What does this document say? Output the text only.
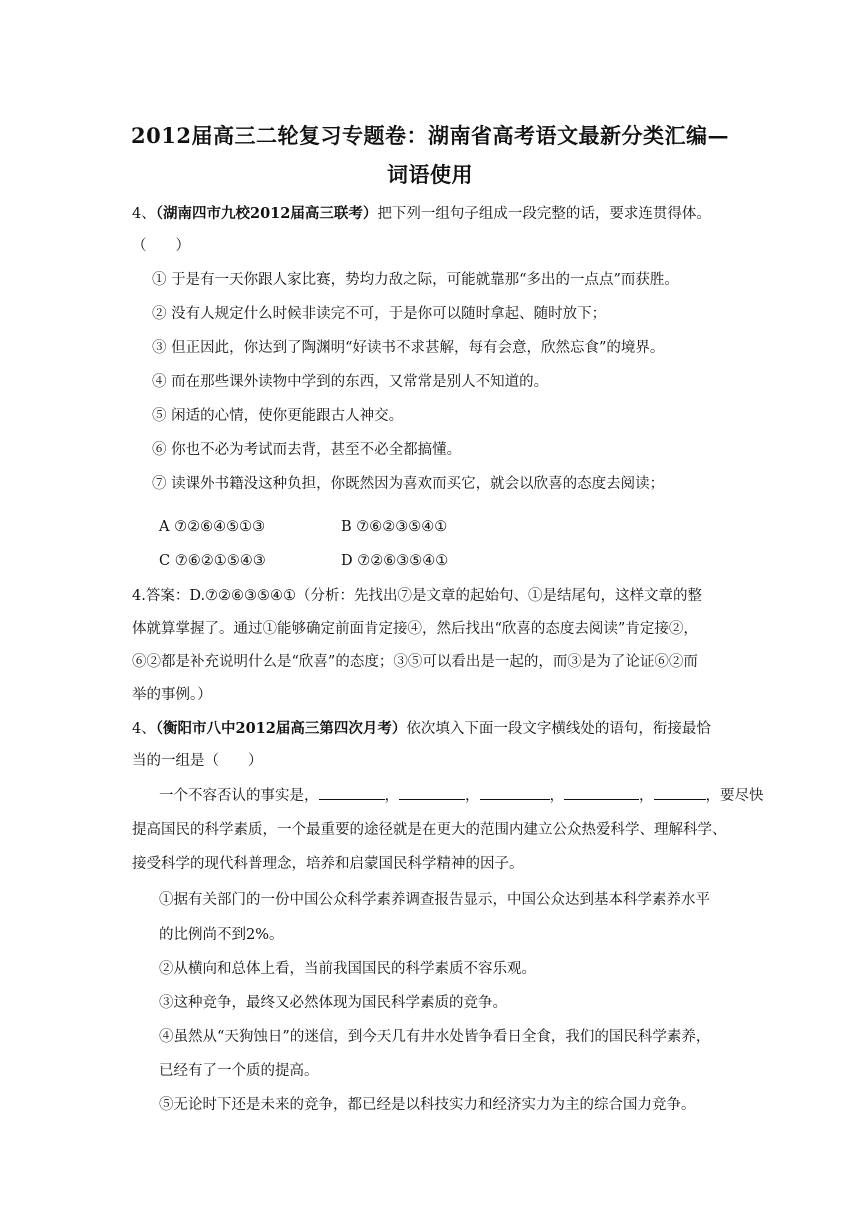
2012届高三二轮复习专题卷：湖南省高考语文最新分类汇编—
词语使用
4、（湖南四市九校2012届高三联考）把下列一组句子组成一段完整的话，要求连贯得体。
（　　）
① 于是有一天你跟人家比赛，势均力敌之际，可能就靠那“多出的一点点”而获胜。
② 没有人规定什么时候非读完不可，于是你可以随时拿起、随时放下；
③ 但正因此，你达到了陶渊明“好读书不求甚解，每有会意，欣然忘食”的境界。
④ 而在那些课外读物中学到的东西，又常常是别人不知道的。
⑤ 闲适的心情，使你更能跟古人神交。
⑥ 你也不必为考试而去背，甚至不必全都搞懂。
⑦ 读课外书籍没这种负担，你既然因为喜欢而买它，就会以欣喜的态度去阅读；
A ⑦②⑥④⑤①③	B ⑦⑥②③⑤④①
C ⑦⑥②①⑤④③	D ⑦②⑥③⑤④①
4.答案：D.⑦②⑥③⑤④①（分析：先找出⑦是文章的起始句、①是结尾句，这样文章的整
体就算掌握了。通过①能够确定前面肯定接④，然后找出“欣喜的态度去阅读”肯定接②，
⑥②都是补充说明什么是“欣喜”的态度；③⑤可以看出是一起的，而③是为了论证⑥②而
举的事例。）
4、（衡阳市八中2012届高三第四次月考）依次填入下面一段文字横线处的语句，衔接最恰
当的一组是（　　）
一个不容否认的事实是，	，	，	，	，	，要尽快
提高国民的科学素质，一个最重要的途径就是在更大的范围内建立公众热爱科学、理解科学、
接受科学的现代科普理念，培养和启蒙国民科学精神的因子。
①据有关部门的一份中国公众科学素养调查报告显示，中国公众达到基本科学素养水平
的比例尚不到2%。
②从横向和总体上看，当前我国国民的科学素质不容乐观。
③这种竞争，最终又必然体现为国民科学素质的竞争。
④虽然从“天狗蚀日”的迷信，到今天几有井水处皆争看日全食，我们的国民科学素养，
已经有了一个质的提高。
⑤无论时下还是未来的竞争，都已经是以科技实力和经济实力为主的综合国力竞争。
